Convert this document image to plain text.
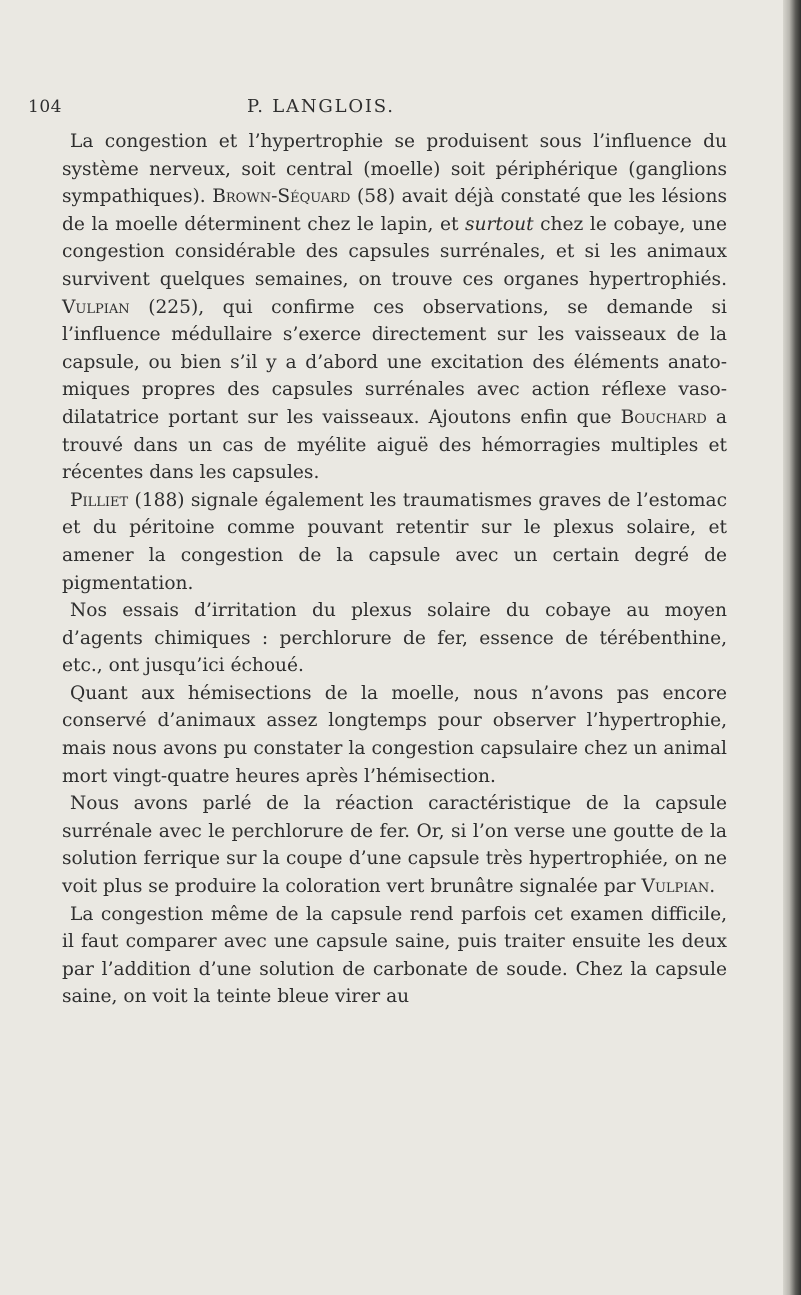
104	P. LANGLOIS.

La congestion et l’hypertrophie se produisent sous l’influence du système nerveux, soit central (moelle) soit périphérique (ganglions sympathiques). Brown-Séquard (58) avait déjà constaté que les lésions de la moelle déterminent chez le lapin, et surtout chez le cobaye, une congestion considérable des capsules surrénales, et si les animaux survivent quelques semaines, on trouve ces organes hypertrophiés. Vulpian (225), qui confirme ces observations, se demande si l’influence médullaire s’exerce directement sur les vaisseaux de la capsule, ou bien s’il y a d’abord une excitation des éléments anatomiques propres des capsules surrénales avec action réflexe vaso-dilatatrice portant sur les vaisseaux. Ajoutons enfin que Bouchard a trouvé dans un cas de myélite aiguë des hémorragies multiples et récentes dans les capsules.

Pilliet (188) signale également les traumatismes graves de l’estomac et du péritoine comme pouvant retentir sur le plexus solaire, et amener la congestion de la capsule avec un certain degré de pigmentation.

Nos essais d’irritation du plexus solaire du cobaye au moyen d’agents chimiques : perchlorure de fer, essence de térébenthine, etc., ont jusqu’ici échoué.

Quant aux hémisections de la moelle, nous n’avons pas encore conservé d’animaux assez longtemps pour observer l’hypertrophie, mais nous avons pu constater la congestion capsulaire chez un animal mort vingt-quatre heures après l’hémisection.

Nous avons parlé de la réaction caractéristique de la capsule surrénale avec le perchlorure de fer. Or, si l’on verse une goutte de la solution ferrique sur la coupe d’une capsule très hypertrophiée, on ne voit plus se produire la coloration vert brunâtre signalée par Vulpian.

La congestion même de la capsule rend parfois cet examen difficile, il faut comparer avec une capsule saine, puis traiter ensuite les deux par l’addition d’une solution de carbonate de soude. Chez la capsule saine, on voit la teinte bleue virer au
